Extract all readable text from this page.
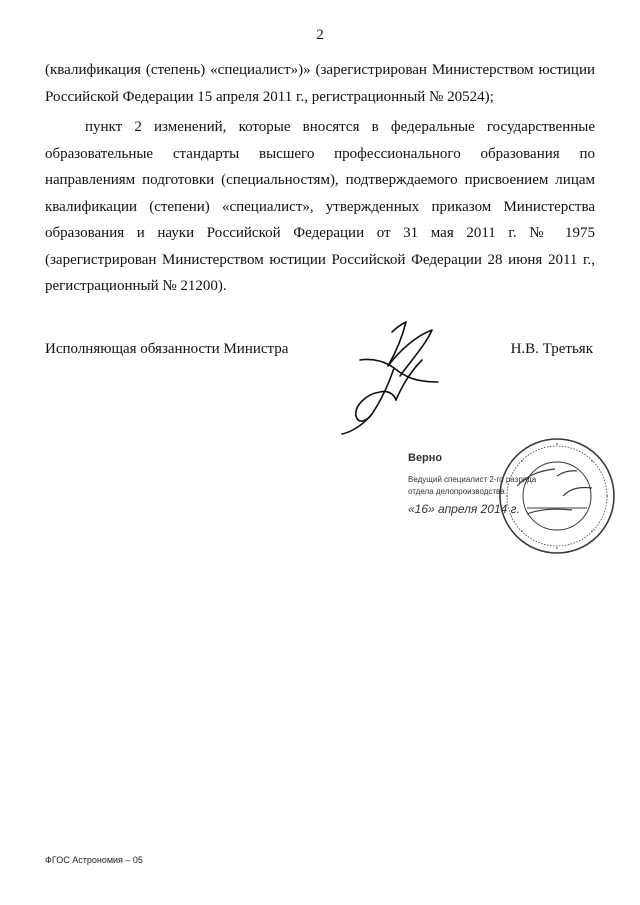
2
(квалификация (степень) «специалист»)» (зарегистрирован Министерством юстиции
Российской Федерации 15 апреля 2011 г., регистрационный № 20524);
пункт 2 изменений, которые вносятся в федеральные государственные
образовательные стандарты высшего профессионального образования по
направлениям подготовки (специальностям), подтверждаемого присвоением лицам
квалификации (степени) «специалист», утвержденных приказом Министерства
образования и науки Российской Федерации от 31 мая 2011 г. № 1975
(зарегистрирован Министерством юстиции Российской Федерации 28 июня 2011 г.,
регистрационный № 21200).
Исполняющая обязанности Министра	Н.В. Третьяк
Верно
Ведущий специалист 2-го разряда
отдела делопроизводства
«16» апреля 2014 г.
ФГОС Астрономия – 05
